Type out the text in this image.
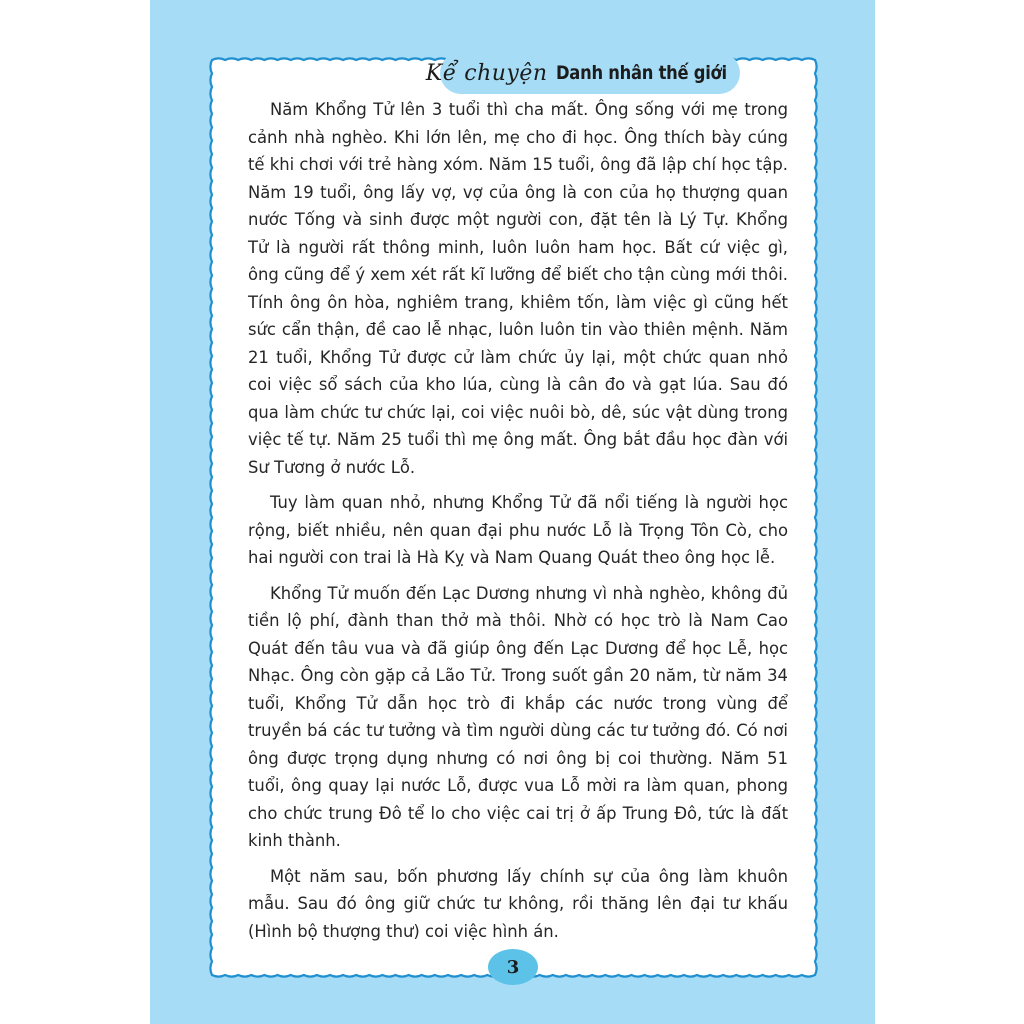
Kể chuyện Danh nhân thế giới

Năm Khổng Tử lên 3 tuổi thì cha mất. Ông sống với mẹ trong cảnh nhà nghèo. Khi lớn lên, mẹ cho đi học. Ông thích bày cúng tế khi chơi với trẻ hàng xóm. Năm 15 tuổi, ông đã lập chí học tập. Năm 19 tuổi, ông lấy vợ, vợ của ông là con của họ thượng quan nước Tống và sinh được một người con, đặt tên là Lý Tự. Khổng Tử là người rất thông minh, luôn luôn ham học. Bất cứ việc gì, ông cũng để ý xem xét rất kĩ lưỡng để biết cho tận cùng mới thôi. Tính ông ôn hòa, nghiêm trang, khiêm tốn, làm việc gì cũng hết sức cẩn thận, đề cao lễ nhạc, luôn luôn tin vào thiên mệnh. Năm 21 tuổi, Khổng Tử được cử làm chức ủy lại, một chức quan nhỏ coi việc sổ sách của kho lúa, cùng là cân đo và gạt lúa. Sau đó qua làm chức tư chức lại, coi việc nuôi bò, dê, súc vật dùng trong việc tế tự. Năm 25 tuổi thì mẹ ông mất. Ông bắt đầu học đàn với Sư Tương ở nước Lỗ.

Tuy làm quan nhỏ, nhưng Khổng Tử đã nổi tiếng là người học rộng, biết nhiều, nên quan đại phu nước Lỗ là Trọng Tôn Cò, cho hai người con trai là Hà Kỵ và Nam Quang Quát theo ông học lễ.

Khổng Tử muốn đến Lạc Dương nhưng vì nhà nghèo, không đủ tiền lộ phí, đành than thở mà thôi. Nhờ có học trò là Nam Cao Quát đến tâu vua và đã giúp ông đến Lạc Dương để học Lễ, học Nhạc. Ông còn gặp cả Lão Tử. Trong suốt gần 20 năm, từ năm 34 tuổi, Khổng Tử dẫn học trò đi khắp các nước trong vùng để truyền bá các tư tưởng và tìm người dùng các tư tưởng đó. Có nơi ông được trọng dụng nhưng có nơi ông bị coi thường. Năm 51 tuổi, ông quay lại nước Lỗ, được vua Lỗ mời ra làm quan, phong cho chức trung Đô tể lo cho việc cai trị ở ấp Trung Đô, tức là đất kinh thành.

Một năm sau, bốn phương lấy chính sự của ông làm khuôn mẫu. Sau đó ông giữ chức tư không, rồi thăng lên đại tư khấu (Hình bộ thượng thư) coi việc hình án.

3
